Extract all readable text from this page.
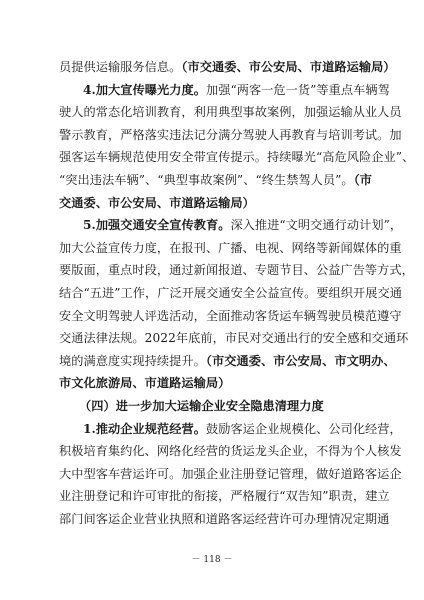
员提供运输服务信息。（市交通委、市公安局、市道路运输局）
4.加大宣传曝光力度。加强“两客一危一货”等重点车辆驾
驶人的常态化培训教育，利用典型事故案例，加强运输从业人员
警示教育，严格落实违法记分满分驾驶人再教育与培训考试。加
强客运车辆规范使用安全带宣传提示。持续曝光“高危风险企业”、
“突出违法车辆”、“典型事故案例”、“终生禁驾人员”。（市
交通委、市公安局、市道路运输局）
5.加强交通安全宣传教育。深入推进“文明交通行动计划”，
加大公益宣传力度，在报刊、广播、电视、网络等新闻媒体的重
要版面，重点时段，通过新闻报道、专题节目、公益广告等方式，
结合“五进”工作，广泛开展交通安全公益宣传。要组织开展交通
安全文明驾驶人评选活动，全面推动客货运车辆驾驶员模范遵守
交通法律法规。2022年底前，市民对交通出行的安全感和交通环
境的满意度实现持续提升。（市交通委、市公安局、市文明办、
市文化旅游局、市道路运输局）
（四）进一步加大运输企业安全隐患清理力度
1.推动企业规范经营。鼓励客运企业规模化、公司化经营，
积极培育集约化、网络化经营的货运龙头企业，不得为个人核发
大中型客车营运许可。加强企业注册登记管理，做好道路客运企
业注册登记和许可审批的衔接，严格履行“双告知”职责，建立
部门间客运企业营业执照和道路客运经营许可办理情况定期通
－ 118 －
